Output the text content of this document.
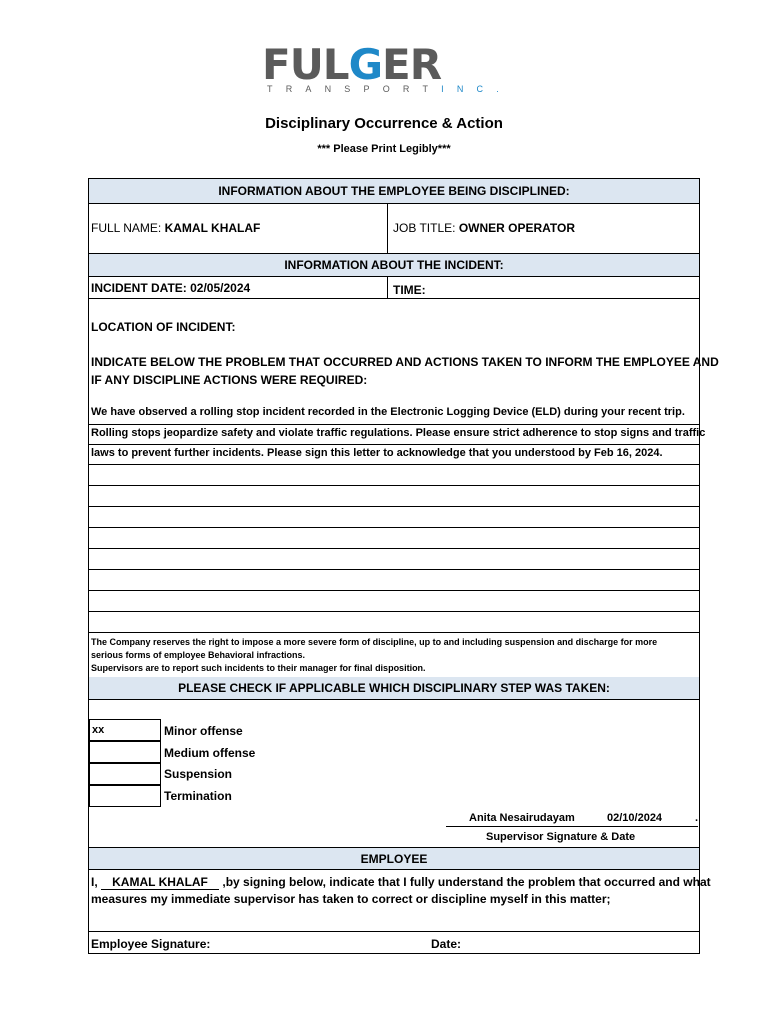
FUL G ER
TRANSPORTINC.
Disciplinary Occurrence & Action
*** Please Print Legibly***
INFORMATION ABOUT THE EMPLOYEE BEING DISCIPLINED:
FULL NAME: KAMAL KHALAF	JOB TITLE: OWNER OPERATOR
INFORMATION ABOUT THE INCIDENT:
INCIDENT DATE: 02/05/2024	TIME:
LOCATION OF INCIDENT:
INDICATE BELOW THE PROBLEM THAT OCCURRED AND ACTIONS TAKEN TO INFORM THE EMPLOYEE AND
IF ANY DISCIPLINE ACTIONS WERE REQUIRED:
We have observed a rolling stop incident recorded in the Electronic Logging Device (ELD) during your recent trip.
Rolling stops jeopardize safety and violate traffic regulations. Please ensure strict adherence to stop signs and traffic
laws to prevent further incidents. Please sign this letter to acknowledge that you understood by Feb 16, 2024.
The Company reserves the right to impose a more severe form of discipline, up to and including suspension and discharge for more
serious forms of employee Behavioral infractions.
Supervisors are to report such incidents to their manager for final disposition.
PLEASE CHECK IF APPLICABLE WHICH DISCIPLINARY STEP WAS TAKEN:
xx	Minor offense
Medium offense
Suspension
Termination
Anita Nesairudayam	02/10/2024	.
Supervisor Signature & Date
EMPLOYEE
I, KAMAL KHALAF ,by signing below, indicate that I fully understand the problem that occurred and what
measures my immediate supervisor has taken to correct or discipline myself in this matter;
Employee Signature:	Date:
